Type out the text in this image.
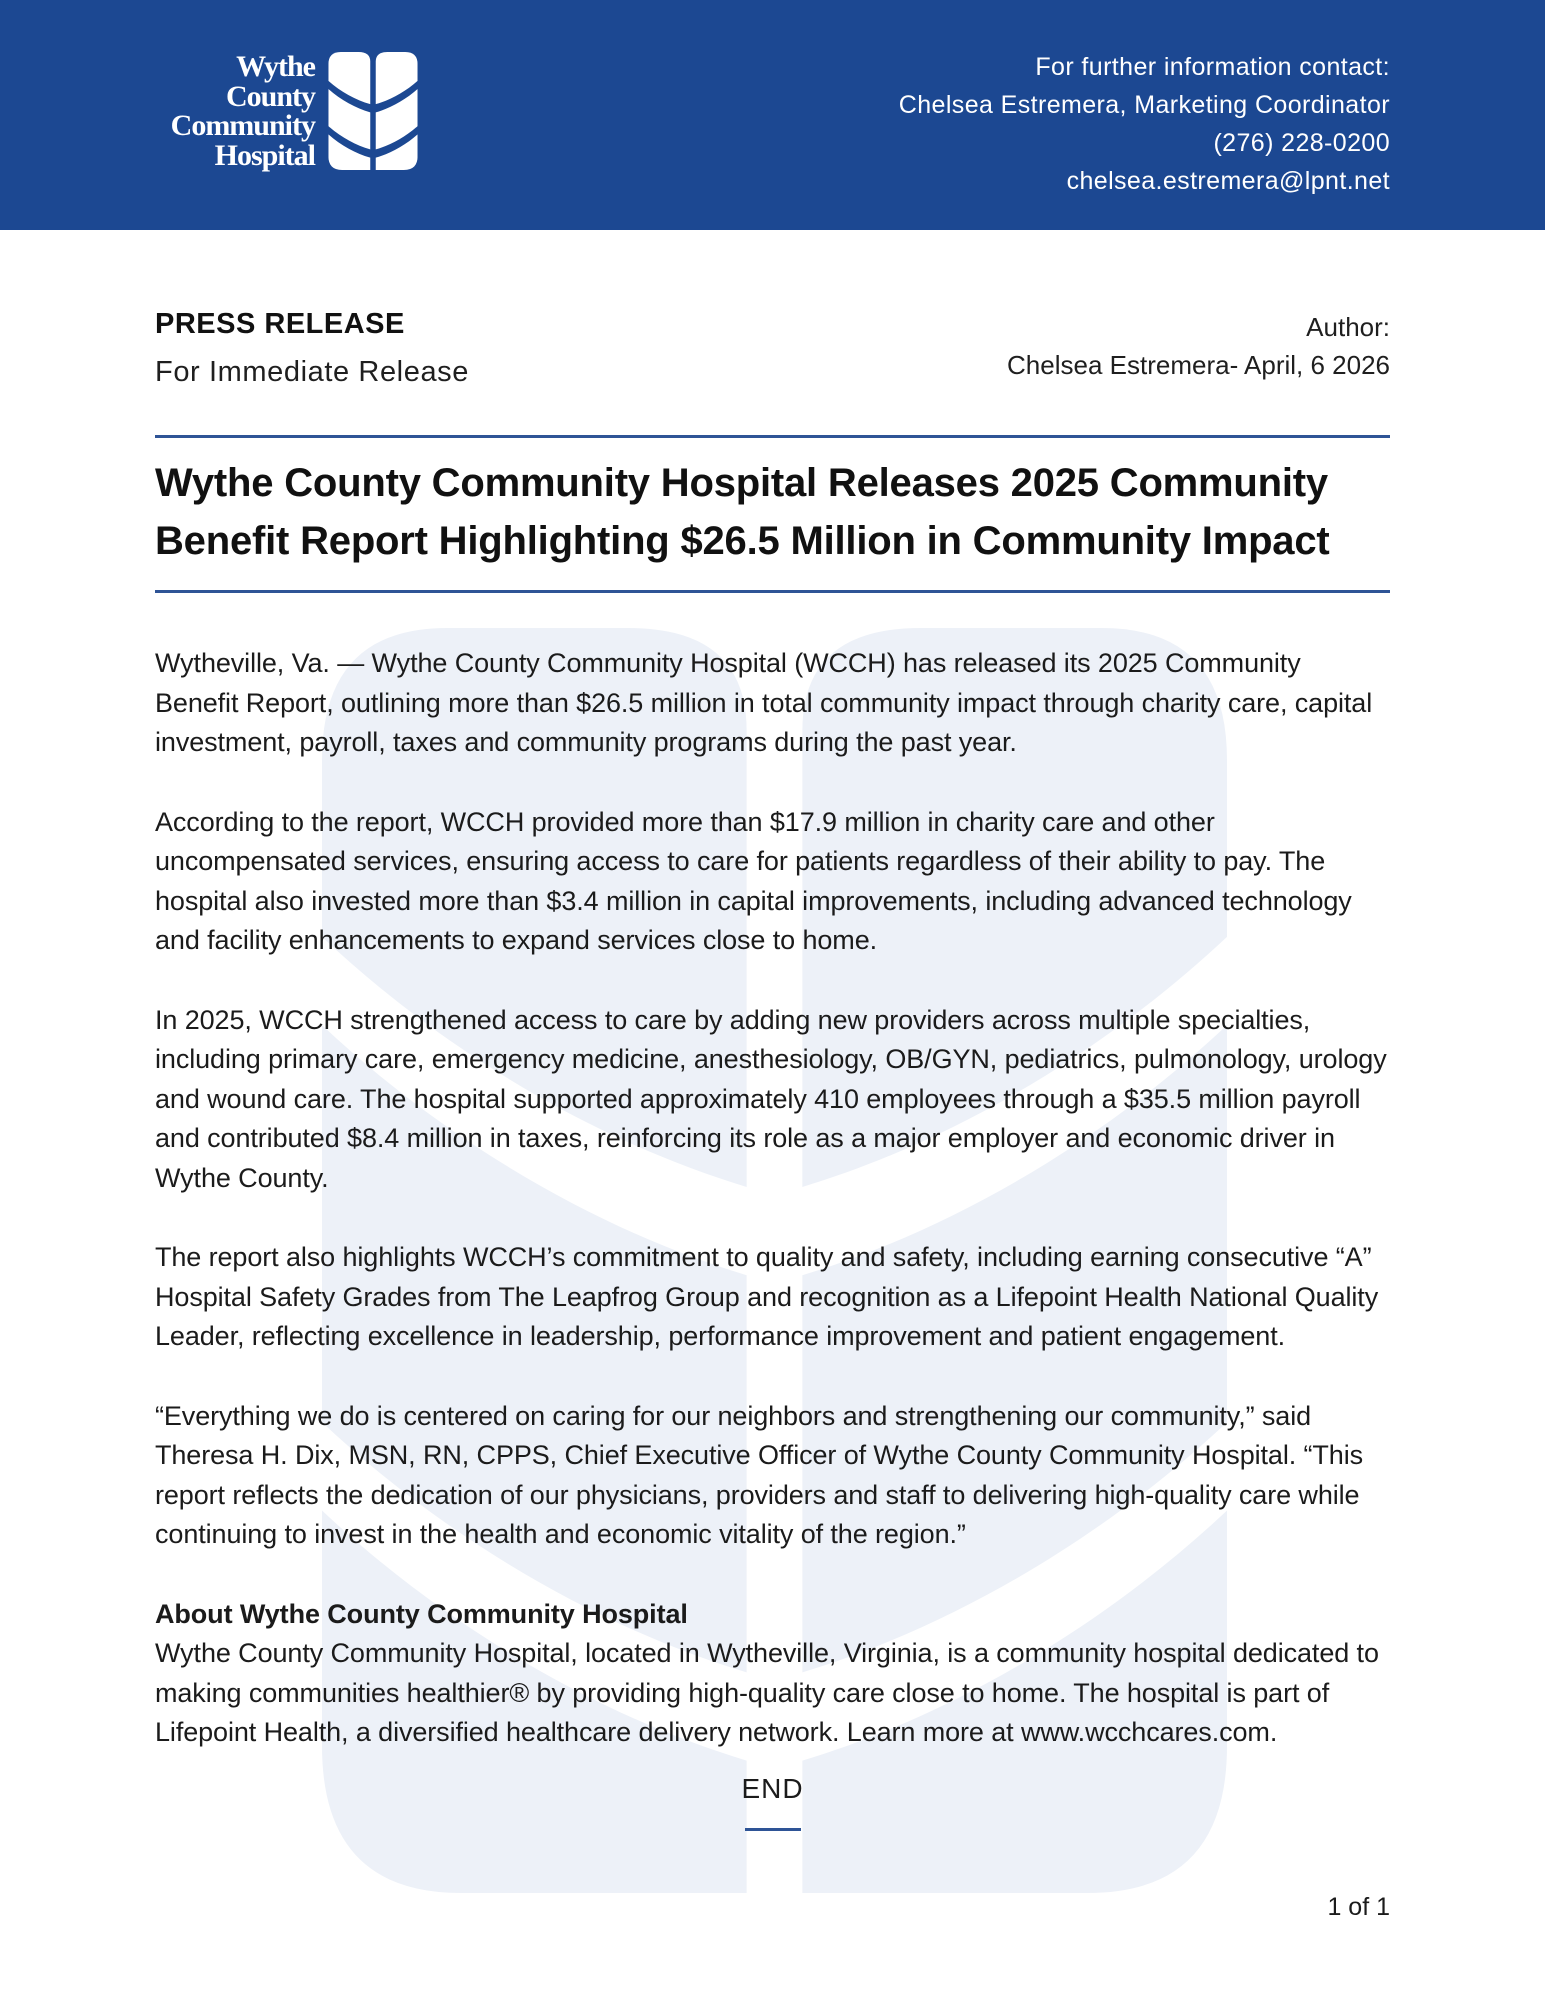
Wythe
County
Community
Hospital
For further information contact:
Chelsea Estremera, Marketing Coordinator
(276) 228-0200
chelsea.estremera@lpnt.net
PRESS RELEASE
For Immediate Release
Author:
Chelsea Estremera- April, 6 2026
Wythe County Community Hospital Releases 2025 Community Benefit Report Highlighting $26.5 Million in Community Impact

Wytheville, Va. — Wythe County Community Hospital (WCCH) has released its 2025 Community Benefit Report, outlining more than $26.5 million in total community impact through charity care, capital investment, payroll, taxes and community programs during the past year.

According to the report, WCCH provided more than $17.9 million in charity care and other uncompensated services, ensuring access to care for patients regardless of their ability to pay. The hospital also invested more than $3.4 million in capital improvements, including advanced technology and facility enhancements to expand services close to home.

In 2025, WCCH strengthened access to care by adding new providers across multiple specialties, including primary care, emergency medicine, anesthesiology, OB/GYN, pediatrics, pulmonology, urology and wound care. The hospital supported approximately 410 employees through a $35.5 million payroll and contributed $8.4 million in taxes, reinforcing its role as a major employer and economic driver in Wythe County.

The report also highlights WCCH’s commitment to quality and safety, including earning consecutive “A” Hospital Safety Grades from The Leapfrog Group and recognition as a Lifepoint Health National Quality Leader, reflecting excellence in leadership, performance improvement and patient engagement.

“Everything we do is centered on caring for our neighbors and strengthening our community,” said Theresa H. Dix, MSN, RN, CPPS, Chief Executive Officer of Wythe County Community Hospital. “This report reflects the dedication of our physicians, providers and staff to delivering high-quality care while continuing to invest in the health and economic vitality of the region.”

About Wythe County Community Hospital

Wythe County Community Hospital, located in Wytheville, Virginia, is a community hospital dedicated to making communities healthier® by providing high-quality care close to home. The hospital is part of Lifepoint Health, a diversified healthcare delivery network. Learn more at www.wcchcares.com.

END
1 of 1
